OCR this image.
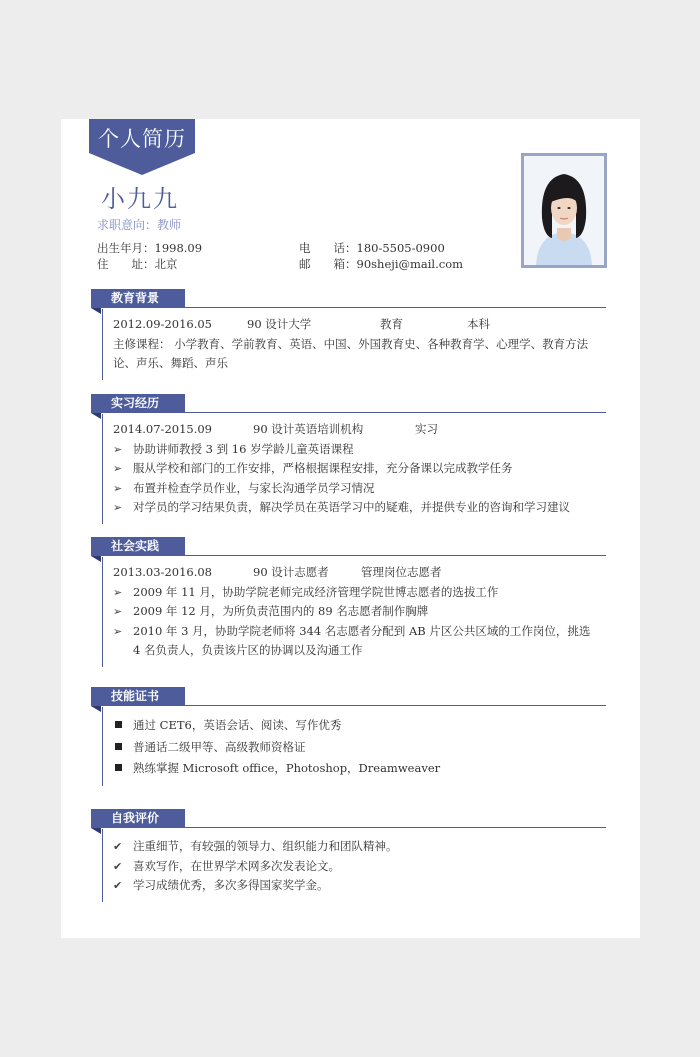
个人简历
小九九
求职意向：教师
出生年月：1998.09
住　　址：北京
电　　话：180-5505-0900
邮　　箱：90sheji@mail.com
教育背景
2012.09-2016.05	90 设计大学	教育	本科
主修课程： 小学教育、学前教育、英语、中国、外国教育史、各种教育学、心理学、教育方法论、声乐、舞蹈、声乐
实习经历
2014.07-2015.09	90 设计英语培训机构	实习
➢ 协助讲师教授 3 到 16 岁学龄儿童英语课程
➢ 服从学校和部门的工作安排，严格根据课程安排，充分备课以完成教学任务
➢ 布置并检查学员作业，与家长沟通学员学习情况
➢ 对学员的学习结果负责，解决学员在英语学习中的疑难，并提供专业的咨询和学习建议
社会实践
2013.03-2016.08	90 设计志愿者	管理岗位志愿者
➢ 2009 年 11 月，协助学院老师完成经济管理学院世博志愿者的选拔工作
➢ 2009 年 12 月，为所负责范围内的 89 名志愿者制作胸牌
➢ 2010 年 3 月，协助学院老师将 344 名志愿者分配到 AB 片区公共区域的工作岗位，挑选 4 名负责人，负责该片区的协调以及沟通工作
技能证书
通过 CET6，英语会话、阅读、写作优秀
普通话二级甲等、高级教师资格证
熟练掌握 Microsoft office，Photoshop，Dreamweaver
自我评价
✔ 注重细节，有较强的领导力、组织能力和团队精神。
✔ 喜欢写作，在世界学术网多次发表论文。
✔ 学习成绩优秀，多次多得国家奖学金。
